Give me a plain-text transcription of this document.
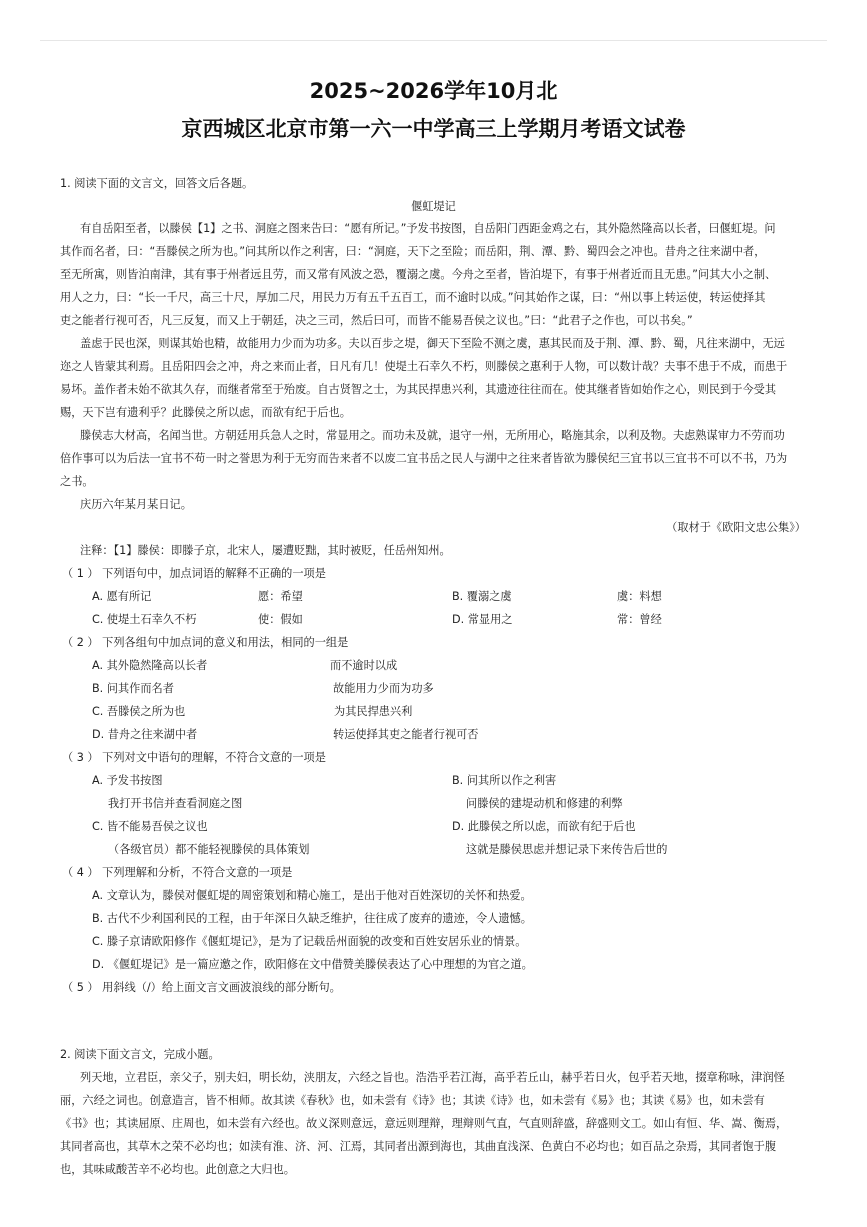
2025~2026学年10月北
京西城区北京市第一六一中学高三上学期月考语文试卷
1. 阅读下面的文言文，回答文后各题。
偃虹堤记
有自岳阳至者，以滕侯【1】之书、洞庭之图来告曰：“愿有所记。”予发书按图，自岳阳门西距金鸡之右，其外隐然隆高以长者，曰偃虹堤。问
其作而名者，曰：“吾滕侯之所为也。”问其所以作之利害，曰：“洞庭，天下之至险；而岳阳，荆、潭、黔、蜀四会之冲也。昔舟之往来湖中者，
至无所寓，则皆泊南津，其有事于州者远且劳，而又常有风波之恐，覆溺之虞。今舟之至者，皆泊堤下，有事于州者近而且无患。”问其大小之制、
用人之力，曰：“长一千尺，高三十尺，厚加二尺，用民力万有五千五百工，而不逾时以成。”问其始作之谋，曰：“州以事上转运使，转运使择其
吏之能者行视可否，凡三反复，而又上于朝廷，决之三司，然后曰可，而皆不能易吾侯之议也。”曰：“此君子之作也，可以书矣。”
盖虑于民也深，则谋其始也精，故能用力少而为功多。夫以百步之堤，御天下至险不测之虞，惠其民而及于荆、潭、黔、蜀，凡往来湖中，无远
迩之人皆蒙其利焉。且岳阳四会之冲，舟之来而止者，日凡有几！使堤土石幸久不朽，则滕侯之惠利于人物，可以数计哉？夫事不患于不成，而患于
易坏。盖作者未始不欲其久存，而继者常至于殆废。自古贤智之士，为其民捍患兴利，其遗迹往往而在。使其继者皆如始作之心，则民到于今受其
赐，天下岂有遗利乎？此滕侯之所以虑，而欲有纪于后也。
滕侯志大材高，名闻当世。方朝廷用兵急人之时，常显用之。而功未及就，退守一州，无所用心，略施其余，以利及物。夫虑熟谋审力不劳而功
倍作事可以为后法一宜书不苟一时之誉思为利于无穷而告来者不以废二宜书岳之民人与湖中之往来者皆欲为滕侯纪三宜书以三宜书不可以不书，乃为
之书。
庆历六年某月某日记。
（取材于《欧阳文忠公集》）
注释：【1】滕侯：即滕子京，北宋人，屡遭贬黜，其时被贬，任岳州知州。
（ 1 ） 下列语句中，加点词语的解释不正确的一项是
A. 愿有所记	愿：希望	B. 覆溺之虞	虞：料想
C. 使堤土石幸久不朽	使：假如	D. 常显用之	常：曾经
（ 2 ） 下列各组句中加点词的意义和用法，相同的一组是
A. 其外隐然隆高以长者	而不逾时以成
B. 问其作而名者	故能用力少而为功多
C. 吾滕侯之所为也	为其民捍患兴利
D. 昔舟之往来湖中者	转运使择其吏之能者行视可否
（ 3 ） 下列对文中语句的理解，不符合文意的一项是
A. 予发书按图	B. 问其所以作之利害
我打开书信并查看洞庭之图	问滕侯的建堤动机和修建的利弊
C. 皆不能易吾侯之议也	D. 此滕侯之所以虑，而欲有纪于后也
（各级官员）都不能轻视滕侯的具体策划	这就是滕侯思虑并想记录下来传告后世的
（ 4 ） 下列理解和分析，不符合文意的一项是
A. 文章认为，滕侯对偃虹堤的周密策划和精心施工，是出于他对百姓深切的关怀和热爱。
B. 古代不少利国利民的工程，由于年深日久缺乏维护，往往成了废弃的遗迹，令人遗憾。
C. 滕子京请欧阳修作《偃虹堤记》，是为了记载岳州面貌的改变和百姓安居乐业的情景。
D. 《偃虹堤记》是一篇应邀之作，欧阳修在文中借赞美滕侯表达了心中理想的为官之道。
（ 5 ） 用斜线（/）给上面文言文画波浪线的部分断句。
2. 阅读下面文言文，完成小题。
列天地，立君臣，亲父子，别夫妇，明长幼，浃朋友，六经之旨也。浩浩乎若江海，高乎若丘山，赫乎若日火，包乎若天地，掇章称咏，津润怪
丽，六经之词也。创意造言，皆不相师。故其读《春秋》也，如未尝有《诗》也；其读《诗》也，如未尝有《易》也；其读《易》也，如未尝有
《书》也；其读屈原、庄周也，如未尝有六经也。故义深则意远，意远则理辩，理辩则气直，气直则辞盛，辞盛则文工。如山有恒、华、嵩、衡焉，
其同者高也，其草木之荣不必均也；如渎有淮、济、河、江焉，其同者出源到海也，其曲直浅深、色黄白不必均也；如百品之杂焉，其同者饱于腹
也，其味咸酸苦辛不必均也。此创意之大归也。
